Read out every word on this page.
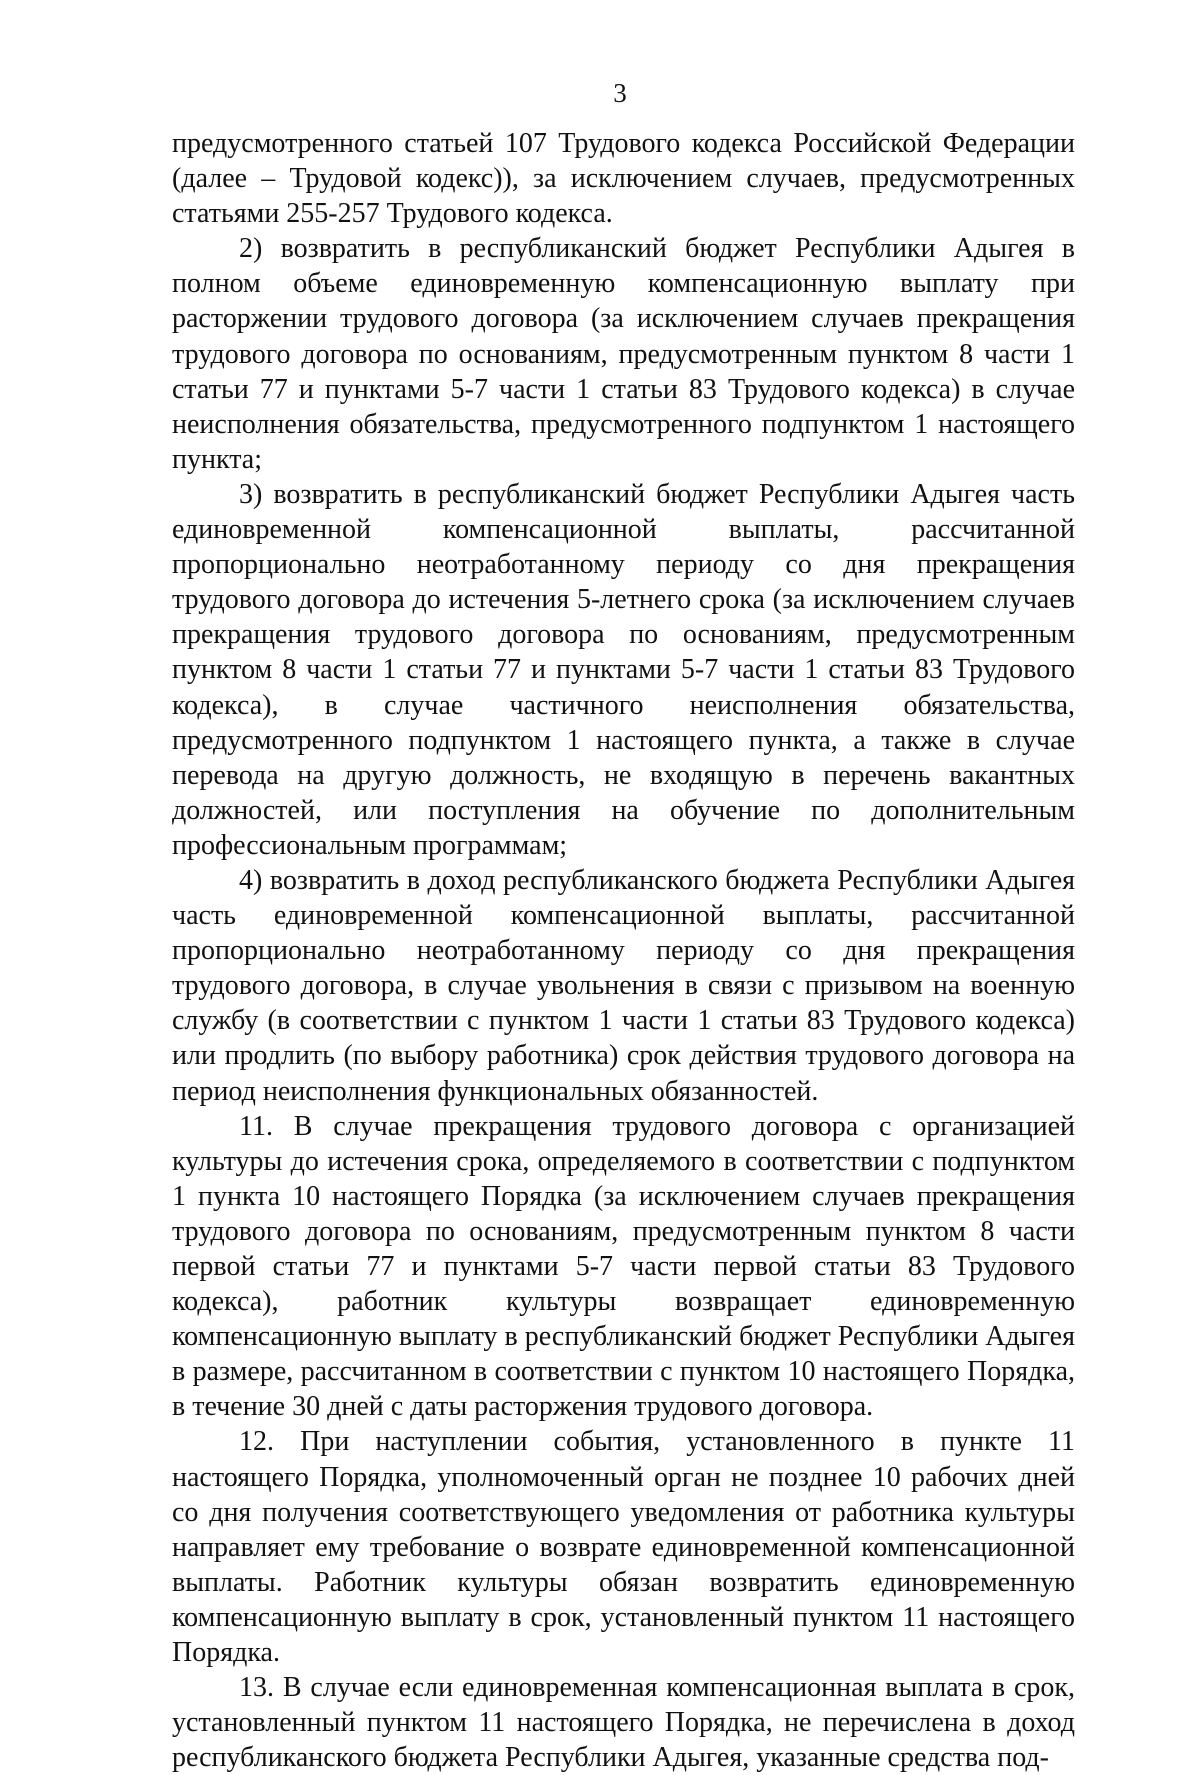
3

предусмотренного статьей 107 Трудового кодекса Российской Федерации (далее – Трудовой кодекс)), за исключением случаев, предусмотренных статьями 255-257 Трудового кодекса.

2) возвратить в республиканский бюджет Республики Адыгея в полном объеме единовременную компенсационную выплату при расторжении трудового договора (за исключением случаев прекращения трудового договора по основаниям, предусмотренным пунктом 8 части 1 статьи 77 и пунктами 5-7 части 1 статьи 83 Трудового кодекса) в случае неисполнения обязательства, предусмотренного подпунктом 1 настоящего пункта;

3) возвратить в республиканский бюджет Республики Адыгея часть единовременной компенсационной выплаты, рассчитанной пропорционально неотработанному периоду со дня прекращения трудового договора до истечения 5-летнего срока (за исключением случаев прекращения трудового договора по основаниям, предусмотренным пунктом 8 части 1 статьи 77 и пунктами 5-7 части 1 статьи 83 Трудового кодекса), в случае частичного неисполнения обязательства, предусмотренного подпунктом 1 настоящего пункта, а также в случае перевода на другую должность, не входящую в перечень вакантных должностей, или поступления на обучение по дополнительным профессиональным программам;

4) возвратить в доход республиканского бюджета Республики Адыгея часть единовременной компенсационной выплаты, рассчитанной пропорционально неотработанному периоду со дня прекращения трудового договора, в случае увольнения в связи с призывом на военную службу (в соответствии с пунктом 1 части 1 статьи 83 Трудового кодекса) или продлить (по выбору работника) срок действия трудового договора на период неисполнения функциональных обязанностей.

11. В случае прекращения трудового договора с организацией культуры до истечения срока, определяемого в соответствии с подпунктом 1 пункта 10 настоящего Порядка (за исключением случаев прекращения трудового договора по основаниям, предусмотренным пунктом 8 части первой статьи 77 и пунктами 5-7 части первой статьи 83 Трудового кодекса), работник культуры возвращает единовременную компенсационную выплату в республиканский бюджет Республики Адыгея в размере, рассчитанном в соответствии с пунктом 10 настоящего Порядка, в течение 30 дней с даты расторжения трудового договора.

12. При наступлении события, установленного в пункте 11 настоящего Порядка, уполномоченный орган не позднее 10 рабочих дней со дня получения соответствующего уведомления от работника культуры направляет ему требование о возврате единовременной компенсационной выплаты. Работник культуры обязан возвратить единовременную компенсационную выплату в срок, установленный пунктом 11 настоящего Порядка.

13. В случае если единовременная компенсационная выплата в срок, установленный пунктом 11 настоящего Порядка, не перечислена в доход республиканского бюджета Республики Адыгея, указанные средства под-
